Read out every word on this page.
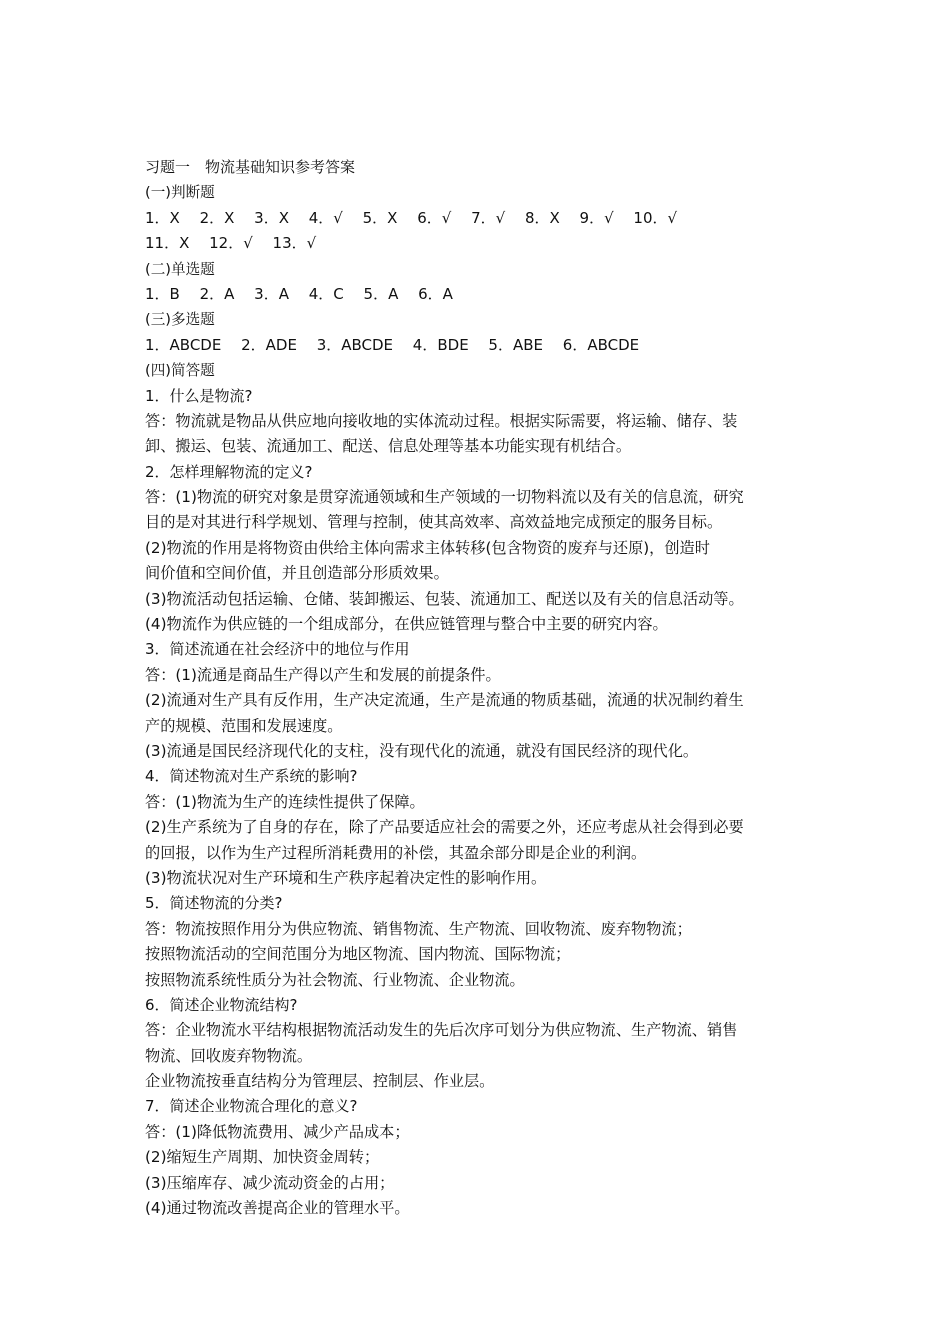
习题一　物流基础知识参考答案
(一)判断题
1．X　 2．X　 3．X　 4．√　 5．X　 6．√　 7．√　 8．X　 9．√　 10．√
11．X　 12．√　 13．√
(二)单选题
1．B　 2．A　 3．A　 4．C　 5．A　 6．A
(三)多选题
1．ABCDE　 2．ADE　 3．ABCDE　 4．BDE　 5．ABE　 6．ABCDE
(四)简答题
1．什么是物流?
答：物流就是物品从供应地向接收地的实体流动过程。根据实际需要，将运输、储存、装
卸、搬运、包装、流通加工、配送、信息处理等基本功能实现有机结合。
2．怎样理解物流的定义?
答：(1)物流的研究对象是贯穿流通领域和生产领域的一切物料流以及有关的信息流，研究
目的是对其进行科学规划、管理与控制，使其高效率、高效益地完成预定的服务目标。
(2)物流的作用是将物资由供给主体向需求主体转移(包含物资的废弃与还原)，创造时
间价值和空间价值，并且创造部分形质效果。
(3)物流活动包括运输、仓储、装卸搬运、包装、流通加工、配送以及有关的信息活动等。
(4)物流作为供应链的一个组成部分，在供应链管理与整合中主要的研究内容。
3．简述流通在社会经济中的地位与作用
答：(1)流通是商品生产得以产生和发展的前提条件。
(2)流通对生产具有反作用，生产决定流通，生产是流通的物质基础，流通的状况制约着生
产的规模、范围和发展速度。
(3)流通是国民经济现代化的支柱，没有现代化的流通，就没有国民经济的现代化。
4．简述物流对生产系统的影响?
答：(1)物流为生产的连续性提供了保障。
(2)生产系统为了自身的存在，除了产品要适应社会的需要之外，还应考虑从社会得到必要
的回报，以作为生产过程所消耗费用的补偿，其盈余部分即是企业的利润。
(3)物流状况对生产环境和生产秩序起着决定性的影响作用。
5．简述物流的分类?
答：物流按照作用分为供应物流、销售物流、生产物流、回收物流、废弃物物流；
按照物流活动的空间范围分为地区物流、国内物流、国际物流；
按照物流系统性质分为社会物流、行业物流、企业物流。
6．简述企业物流结构?
答：企业物流水平结构根据物流活动发生的先后次序可划分为供应物流、生产物流、销售
物流、回收废弃物物流。
企业物流按垂直结构分为管理层、控制层、作业层。
7．简述企业物流合理化的意义?
答：(1)降低物流费用、减少产品成本；
(2)缩短生产周期、加快资金周转；
(3)压缩库存、减少流动资金的占用；
(4)通过物流改善提高企业的管理水平。
